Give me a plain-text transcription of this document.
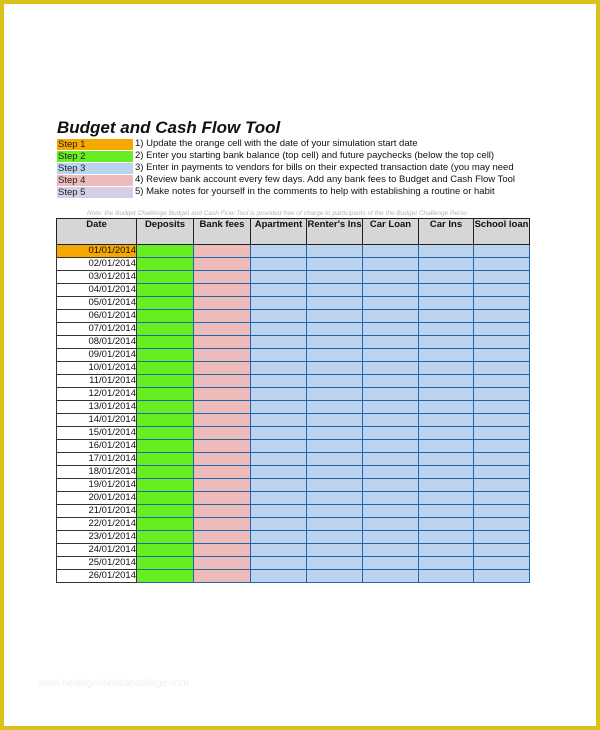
Budget and Cash Flow Tool
Step 1	1) Update the orange cell with the date of your simulation start date
Step 2	2) Enter you starting bank balance (top cell) and future paychecks (below the top cell)
Step 3	3) Enter in payments to vendors for bills on their expected transaction date (you may need
Step 4	4) Review bank account every few days. Add any bank fees to Budget and Cash Flow Tool
Step 5	5) Make notes for yourself in the comments to help with establishing a routine or habit
Note: the Budget Challenge Budget and Cash Flow Tool is provided free of charge to participants of the the Budget Challenge Perso
Date	Deposits	Bank fees	Apartment	Renter's Ins	Car Loan	Car Ins	School loan
01/01/2014							
02/01/2014							
03/01/2014							
04/01/2014							
05/01/2014							
06/01/2014							
07/01/2014							
08/01/2014							
09/01/2014							
10/01/2014							
11/01/2014							
12/01/2014							
13/01/2014							
14/01/2014							
15/01/2014							
16/01/2014							
17/01/2014							
18/01/2014							
19/01/2014							
20/01/2014							
21/01/2014							
22/01/2014							
23/01/2014							
24/01/2014							
25/01/2014							
26/01/2014							
www.heritagechristiancollege.com
